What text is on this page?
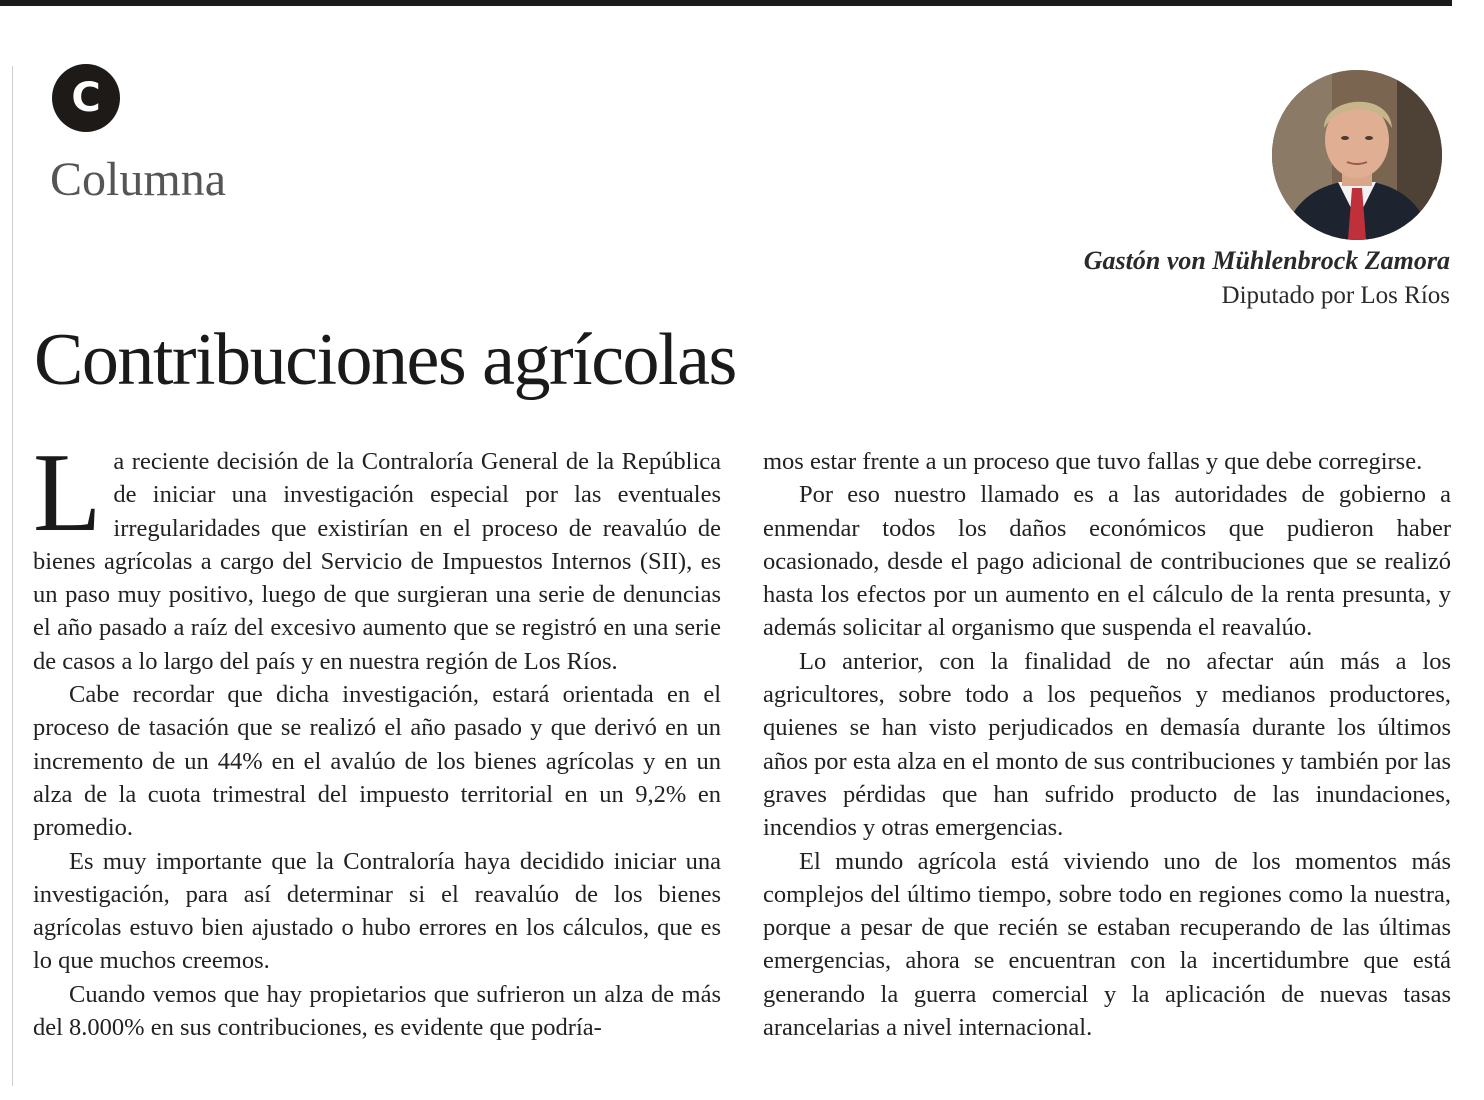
C
Columna
Gastón von Mühlenbrock Zamora
Diputado por Los Ríos
Contribuciones agrícolas

La reciente decisión de la Contraloría General de la República de iniciar una investigación especial por las eventuales irregularidades que existirían en el proceso de reavalúo de bienes agrícolas a cargo del Servicio de Impuestos Internos (SII), es un paso muy positivo, luego de que surgieran una serie de denuncias el año pasado a raíz del excesivo aumento que se registró en una serie de casos a lo largo del país y en nuestra región de Los Ríos.

Cabe recordar que dicha investigación, estará orientada en el proceso de tasación que se realizó el año pasado y que derivó en un incremento de un 44% en el avalúo de los bienes agrícolas y en un alza de la cuota trimestral del impuesto territorial en un 9,2% en promedio.

Es muy importante que la Contraloría haya decidido iniciar una investigación, para así determinar si el reavalúo de los bienes agrícolas estuvo bien ajustado o hubo errores en los cálculos, que es lo que muchos creemos.

Cuando vemos que hay propietarios que sufrieron un alza de más del 8.000% en sus contribuciones, es evidente que podría-

mos estar frente a un proceso que tuvo fallas y que debe corregirse.

Por eso nuestro llamado es a las autoridades de gobierno a enmendar todos los daños económicos que pudieron haber ocasionado, desde el pago adicional de contribuciones que se realizó hasta los efectos por un aumento en el cálculo de la renta presunta, y además solicitar al organismo que suspenda el reavalúo.

Lo anterior, con la finalidad de no afectar aún más a los agricultores, sobre todo a los pequeños y medianos productores, quienes se han visto perjudicados en demasía durante los últimos años por esta alza en el monto de sus contribuciones y también por las graves pérdidas que han sufrido producto de las inundaciones, incendios y otras emergencias.

El mundo agrícola está viviendo uno de los momentos más complejos del último tiempo, sobre todo en regiones como la nuestra, porque a pesar de que recién se estaban recuperando de las últimas emergencias, ahora se encuentran con la incertidumbre que está generando la guerra comercial y la aplicación de nuevas tasas arancelarias a nivel internacional.
